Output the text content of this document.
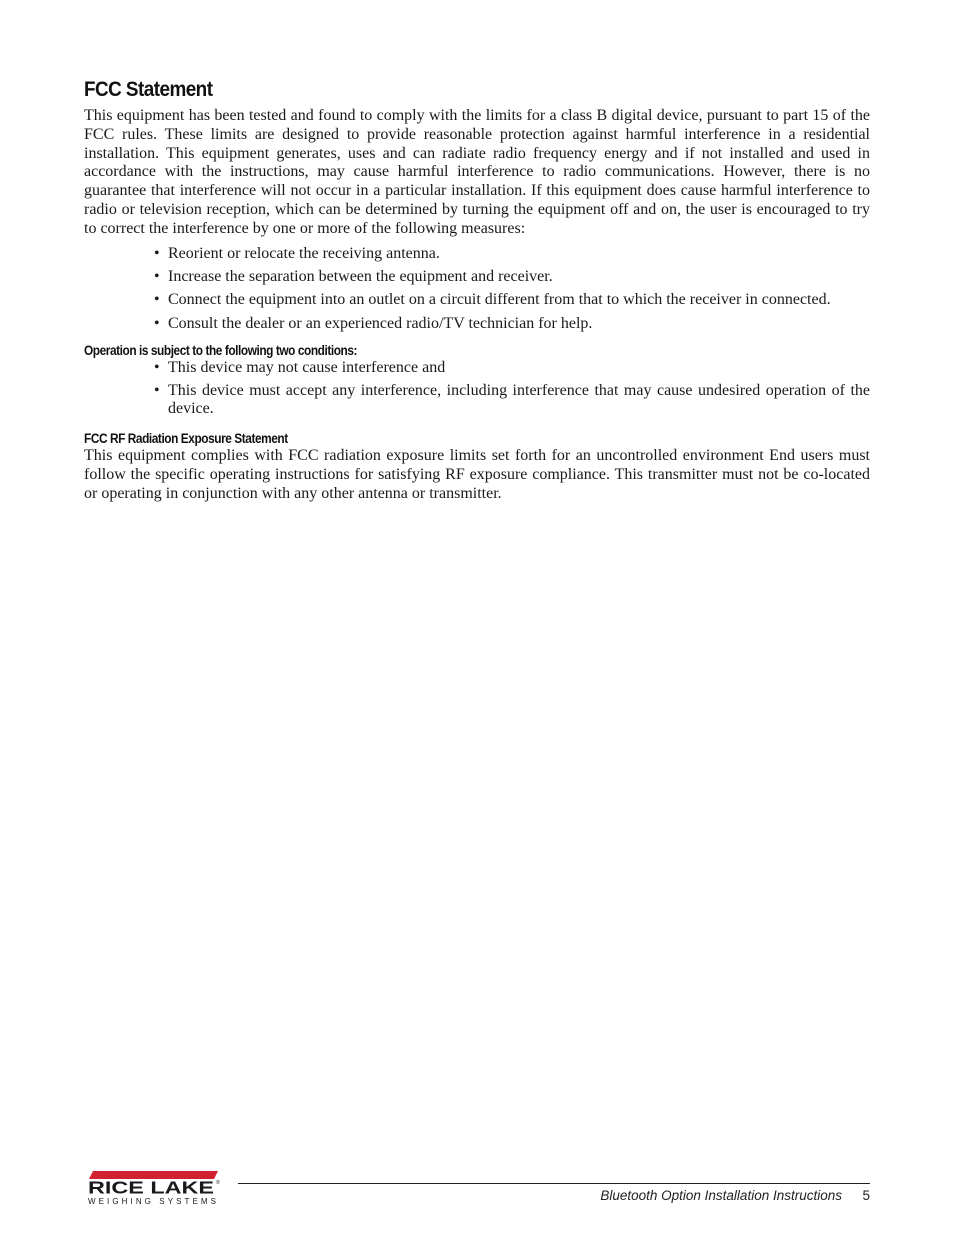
FCC Statement

This equipment has been tested and found to comply with the limits for a class B digital device, pursuant to part 15 of the FCC rules. These limits are designed to provide reasonable protection against harmful interference in a residential installation. This equipment generates, uses and can radiate radio frequency energy and if not installed and used in accordance with the instructions, may cause harmful interference to radio communications. However, there is no guarantee that interference will not occur in a particular installation. If this equipment does cause harmful interference to radio or television reception, which can be determined by turning the equipment off and on, the user is encouraged to try to correct the interference by one or more of the following measures:

• Reorient or relocate the receiving antenna.
• Increase the separation between the equipment and receiver.
• Connect the equipment into an outlet on a circuit different from that to which the receiver in connected.
• Consult the dealer or an experienced radio/TV technician for help.
Operation is subject to the following two conditions:
• This device may not cause interference and
• This device must accept any interference, including interference that may cause undesired operation of the device.
FCC RF Radiation Exposure Statement

This equipment complies with FCC radiation exposure limits set forth for an uncontrolled environment End users must follow the specific operating instructions for satisfying RF exposure compliance. This transmitter must not be co-located or operating in conjunction with any other antenna or transmitter.

RICE LAKE ®
WEIGHING SYSTEMS	Bluetooth Option Installation Instructions	5
